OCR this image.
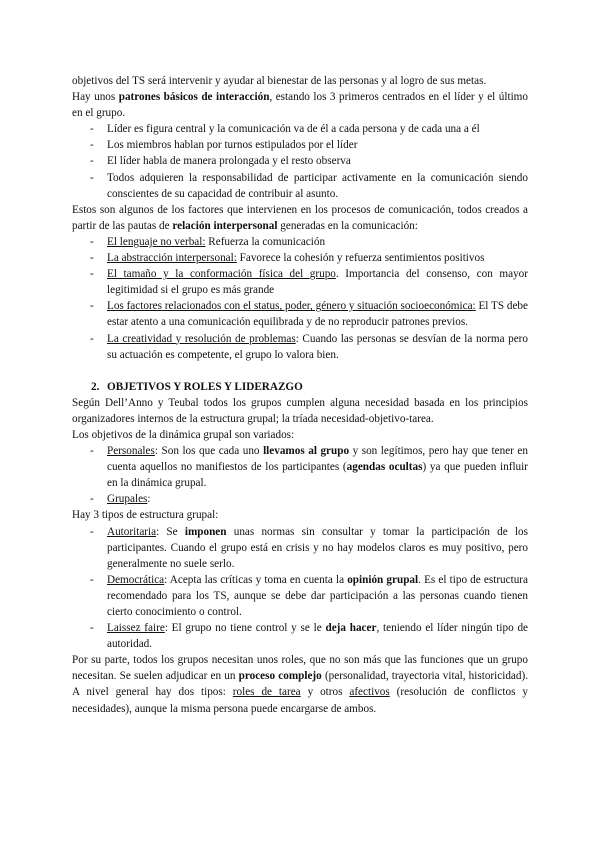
objetivos del TS será intervenir y ayudar al bienestar de las personas y al logro de sus metas.

Hay unos patrones básicos de interacción, estando los 3 primeros centrados en el líder y el último en el grupo.

- Líder es figura central y la comunicación va de él a cada persona y de cada una a él
- Los miembros hablan por turnos estipulados por el líder
- El líder habla de manera prolongada y el resto observa
- Todos adquieren la responsabilidad de participar activamente en la comunicación siendo conscientes de su capacidad de contribuir al asunto.

Estos son algunos de los factores que intervienen en los procesos de comunicación, todos creados a partir de las pautas de relación interpersonal generadas en la comunicación:

- El lenguaje no verbal: Refuerza la comunicación
- La abstracción interpersonal: Favorece la cohesión y refuerza sentimientos positivos
- El tamaño y la conformación física del grupo. Importancia del consenso, con mayor legitimidad si el grupo es más grande
- Los factores relacionados con el status, poder, género y situación socioeconómica: El TS debe estar atento a una comunicación equilibrada y de no reproducir patrones previos.
- La creatividad y resolución de problemas: Cuando las personas se desvían de la norma pero su actuación es competente, el grupo lo valora bien.
2. OBJETIVOS Y ROLES Y LIDERAZGO

Según Dell’Anno y Teubal todos los grupos cumplen alguna necesidad basada en los principios organizadores internos de la estructura grupal; la tríada necesidad-objetivo-tarea.

Los objetivos de la dinámica grupal son variados:

- Personales: Son los que cada uno llevamos al grupo y son legítimos, pero hay que tener en cuenta aquellos no manifiestos de los participantes (agendas ocultas) ya que pueden influir en la dinámica grupal.
- Grupales:

Hay 3 tipos de estructura grupal:

- Autoritaria: Se imponen unas normas sin consultar y tomar la participación de los participantes. Cuando el grupo está en crisis y no hay modelos claros es muy positivo, pero generalmente no suele serlo.
- Democrática: Acepta las críticas y toma en cuenta la opinión grupal. Es el tipo de estructura recomendado para los TS, aunque se debe dar participación a las personas cuando tienen cierto conocimiento o control.
- Laissez faire: El grupo no tiene control y se le deja hacer, teniendo el líder ningún tipo de autoridad.

Por su parte, todos los grupos necesitan unos roles, que no son más que las funciones que un grupo necesitan. Se suelen adjudicar en un proceso complejo (personalidad, trayectoria vital, historicidad). A nivel general hay dos tipos: roles de tarea y otros afectivos (resolución de conflictos y necesidades), aunque la misma persona puede encargarse de ambos.
